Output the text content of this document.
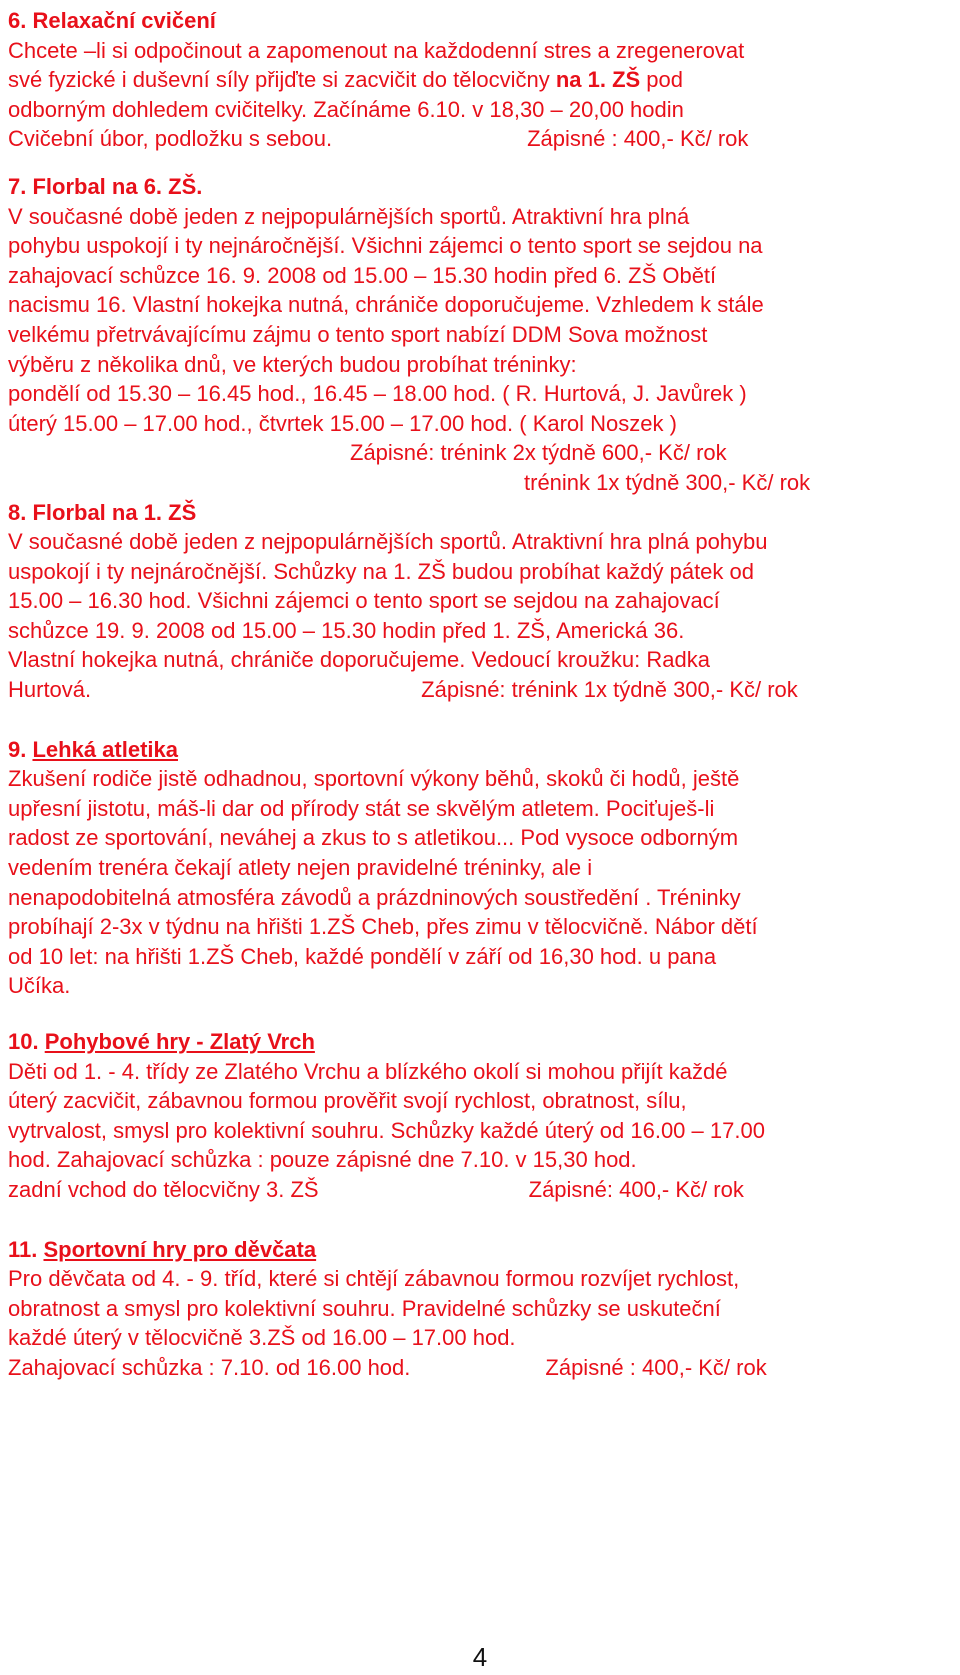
6. Relaxační cvičení
Chcete –li si odpočinout a zapomenout na každodenní stres a zregenerovat
své fyzické i duševní síly přijďte si zacvičit do tělocvičny na 1. ZŠ pod
odborným dohledem cvičitelky. Začínáme 6.10. v 18,30 – 20,00 hodin
Cvičební úbor, podložku s sebou.	Zápisné : 400,- Kč/ rok
7. Florbal na 6. ZŠ.
V současné době jeden z nejpopulárnějších sportů. Atraktivní hra plná
pohybu uspokojí i ty nejnáročnější. Všichni zájemci o tento sport se sejdou na
zahajovací schůzce 16. 9. 2008 od 15.00 – 15.30 hodin před 6. ZŠ Obětí
nacismu 16. Vlastní hokejka nutná, chrániče doporučujeme. Vzhledem k stále
velkému přetrvávajícímu zájmu o tento sport nabízí DDM Sova možnost
výběru z několika dnů, ve kterých budou probíhat tréninky:
pondělí od 15.30 – 16.45 hod., 16.45 – 18.00 hod. ( R. Hurtová, J. Javůrek )
úterý 15.00 – 17.00 hod., čtvrtek 15.00 – 17.00 hod. ( Karol Noszek )
Zápisné: trénink 2x týdně 600,- Kč/ rok
trénink 1x týdně 300,- Kč/ rok
8. Florbal na 1. ZŠ
V současné době jeden z nejpopulárnějších sportů. Atraktivní hra plná pohybu
uspokojí i ty nejnáročnější. Schůzky na 1. ZŠ budou probíhat každý pátek od
15.00 – 16.30 hod. Všichni zájemci o tento sport se sejdou na zahajovací
schůzce 19. 9. 2008 od 15.00 – 15.30 hodin před 1. ZŠ, Americká 36.
Vlastní hokejka nutná, chrániče doporučujeme. Vedoucí kroužku: Radka
Hurtová.	Zápisné: trénink 1x týdně 300,- Kč/ rok
9. Lehká atletika
Zkušení rodiče jistě odhadnou, sportovní výkony běhů, skoků či hodů, ještě
upřesní jistotu, máš-li dar od přírody stát se skvělým atletem. Pociťuješ-li
radost ze sportování, neváhej a zkus to s atletikou... Pod vysoce odborným
vedením trenéra čekají atlety nejen pravidelné tréninky, ale i
nenapodobitelná atmosféra závodů a prázdninových soustředění . Tréninky
probíhají 2-3x v týdnu na hřišti 1.ZŠ Cheb, přes zimu v tělocvičně. Nábor dětí
od 10 let: na hřišti 1.ZŠ Cheb, každé pondělí v září od 16,30 hod. u pana
Učíka.
10. Pohybové hry - Zlatý Vrch
Děti od 1. - 4. třídy ze Zlatého Vrchu a blízkého okolí si mohou přijít každé
úterý zacvičit, zábavnou formou prověřit svojí rychlost, obratnost, sílu,
vytrvalost, smysl pro kolektivní souhru. Schůzky každé úterý od 16.00 – 17.00
hod. Zahajovací schůzka : pouze zápisné dne 7.10. v 15,30 hod.
zadní vchod do tělocvičny 3. ZŠ	Zápisné: 400,- Kč/ rok
11. Sportovní hry pro děvčata
Pro děvčata od 4. - 9. tříd, které si chtějí zábavnou formou rozvíjet rychlost,
obratnost a smysl pro kolektivní souhru. Pravidelné schůzky se uskuteční
každé úterý v tělocvičně 3.ZŠ od 16.00 – 17.00 hod.
Zahajovací schůzka : 7.10. od 16.00 hod.	Zápisné : 400,- Kč/ rok
4
